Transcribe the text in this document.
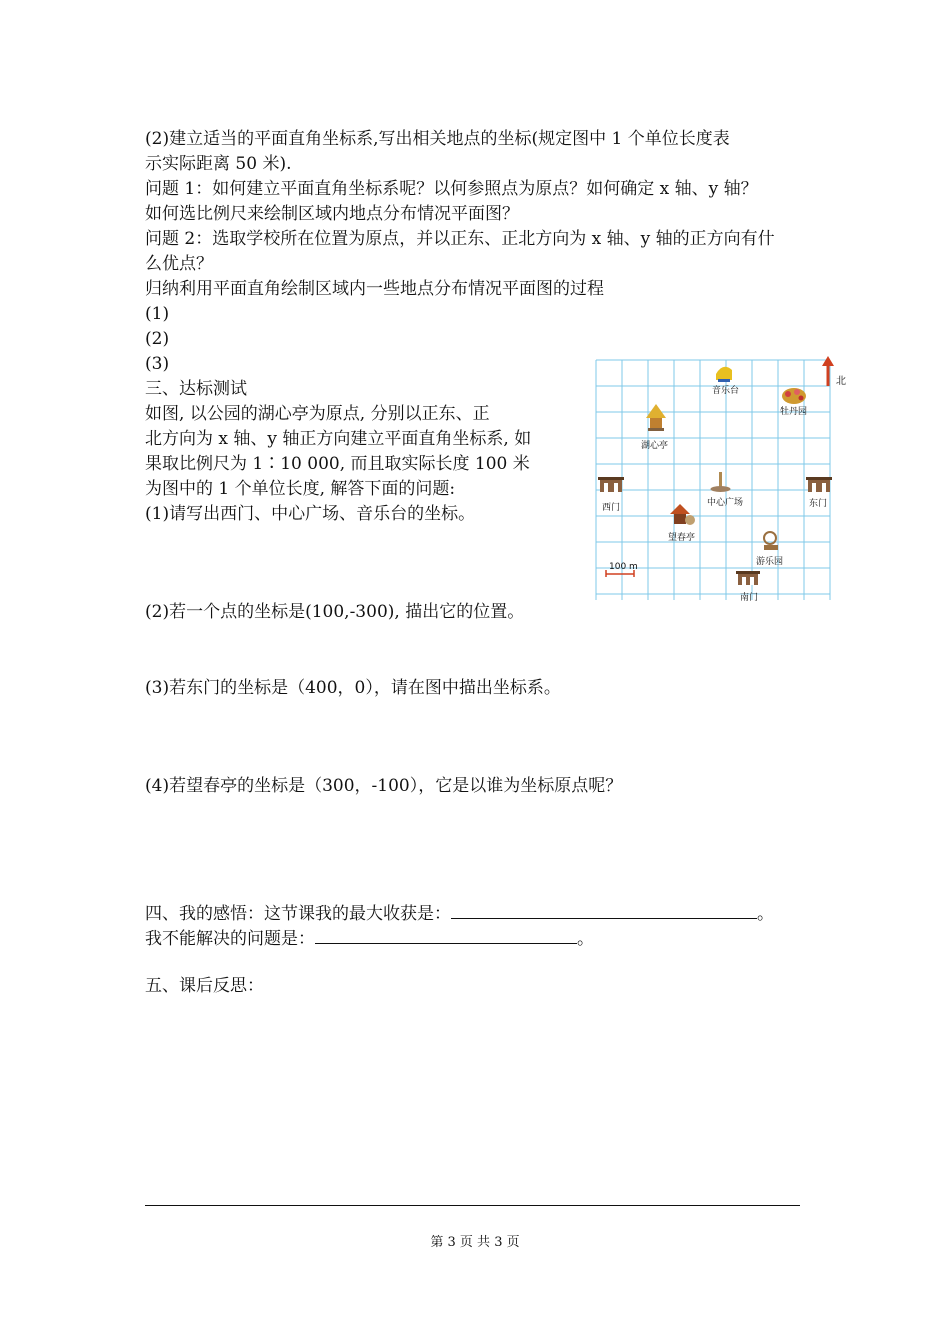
(2)建立适当的平面直角坐标系,写出相关地点的坐标(规定图中 1 个单位长度表
示实际距离 50 米).
问题 1：如何建立平面直角坐标系呢？以何参照点为原点？如何确定 x 轴、y 轴？
如何选比例尺来绘制区域内地点分布情况平面图？
问题 2：选取学校所在位置为原点，并以正东、正北方向为 x 轴、y 轴的正方向有什
么优点？
归纳利用平面直角绘制区域内一些地点分布情况平面图的过程
(1)
(2)
(3)
三、达标测试
如图, 以公园的湖心亭为原点, 分别以正东、正
北方向为 x 轴、y 轴正方向建立平面直角坐标系, 如
果取比例尺为 1∶10 000, 而且取实际长度 100 米
为图中的 1 个单位长度, 解答下面的问题:
(1)请写出西门、中心广场、音乐台的坐标。
(2)若一个点的坐标是(100,-300), 描出它的位置。
(3)若东门的坐标是（400，0），请在图中描出坐标系。
(4)若望春亭的坐标是（300，-100），它是以谁为坐标原点呢？
北
音乐台
牡丹园
湖心亭
中心广场
西门	东门
望春亭
游乐园
南门
100 m
四、我的感悟：这节课我的最大收获是：	。
我不能解决的问题是：	。
五、课后反思：
第 3 页 共 3 页
